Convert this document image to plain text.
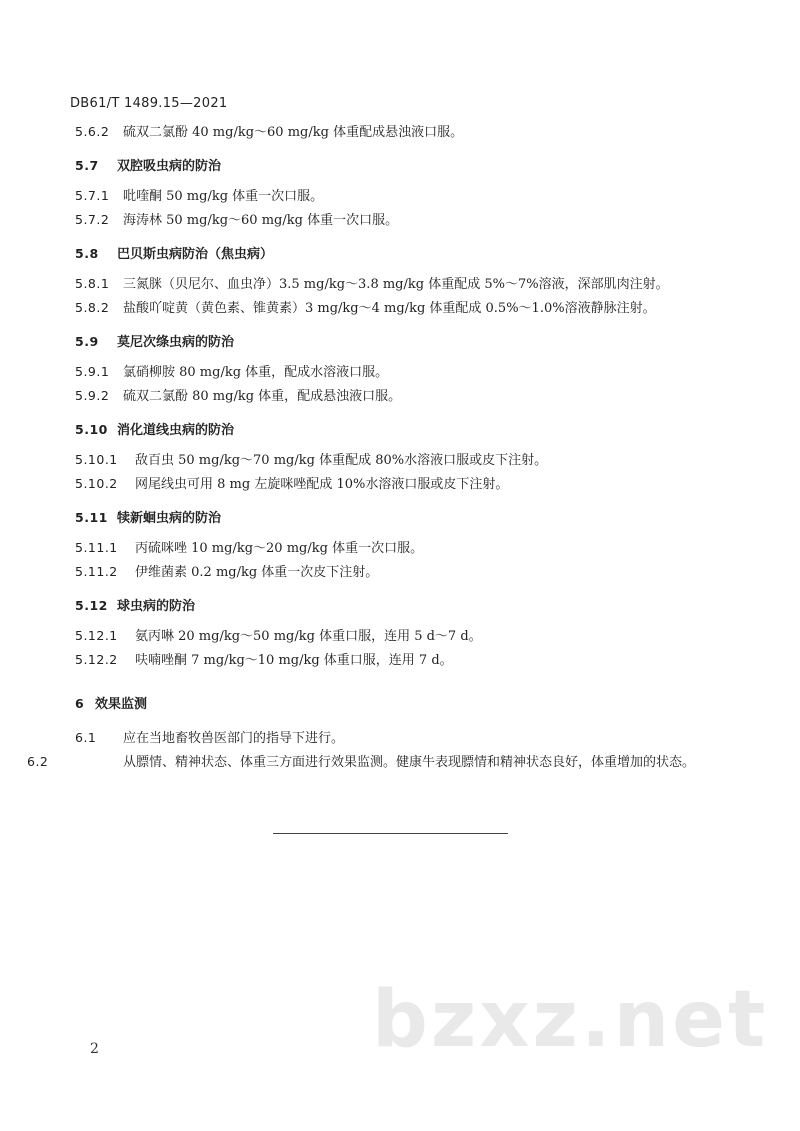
DB61/T 1489.15—2021
5.6.2 硫双二氯酚 40 mg/kg～60 mg/kg 体重配成悬浊液口服。
5.7 双腔吸虫病的防治
5.7.1 吡喹酮 50 mg/kg 体重一次口服。
5.7.2 海涛林 50 mg/kg～60 mg/kg 体重一次口服。
5.8 巴贝斯虫病防治（焦虫病）
5.8.1 三氮脒（贝尼尔、血虫净）3.5 mg/kg～3.8 mg/kg 体重配成 5%～7%溶液，深部肌肉注射。
5.8.2 盐酸吖啶黄（黄色素、锥黄素）3 mg/kg～4 mg/kg 体重配成 0.5%～1.0%溶液静脉注射。
5.9 莫尼次绦虫病的防治
5.9.1 氯硝柳胺 80 mg/kg 体重，配成水溶液口服。
5.9.2 硫双二氯酚 80 mg/kg 体重，配成悬浊液口服。
5.10 消化道线虫病的防治
5.10.1 敌百虫 50 mg/kg～70 mg/kg 体重配成 80%水溶液口服或皮下注射。
5.10.2 网尾线虫可用 8 mg 左旋咪唑配成 10%水溶液口服或皮下注射。
5.11 犊新蛔虫病的防治
5.11.1 丙硫咪唑 10 mg/kg～20 mg/kg 体重一次口服。
5.11.2 伊维菌素 0.2 mg/kg 体重一次皮下注射。
5.12 球虫病的防治
5.12.1 氨丙啉 20 mg/kg～50 mg/kg 体重口服，连用 5 d～7 d。
5.12.2 呋喃唑酮 7 mg/kg～10 mg/kg 体重口服，连用 7 d。
6 效果监测
6.1 应在当地畜牧兽医部门的指导下进行。
6.2	从膘情、精神状态、体重三方面进行效果监测。健康牛表现膘情和精神状态良好，体重增加的状态。
bzxz.net
2
